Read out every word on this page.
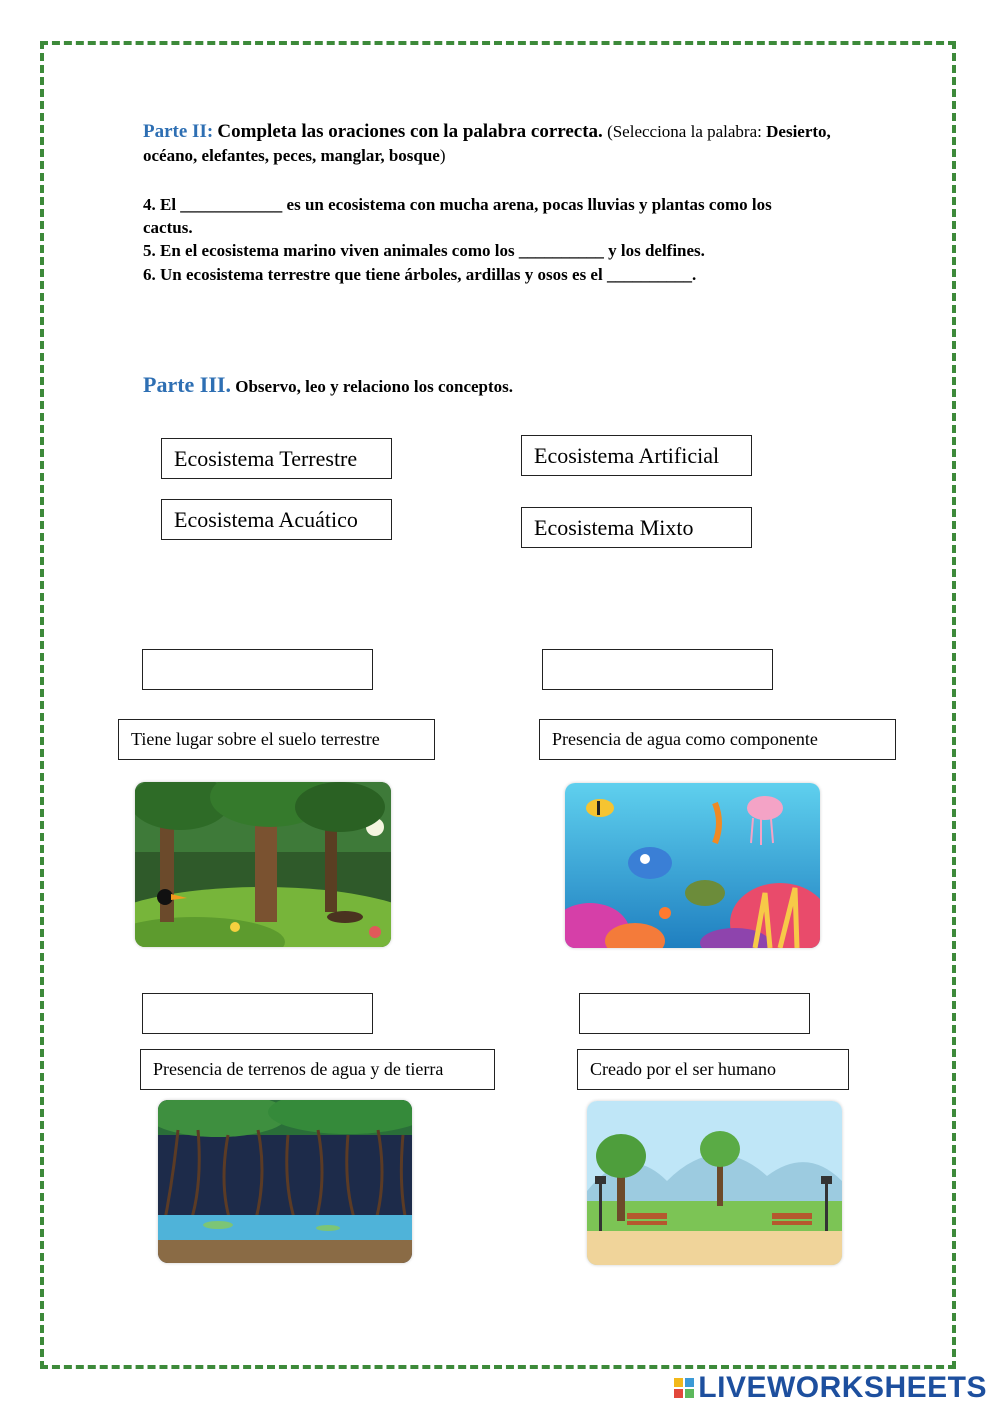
Parte II: Completa las oraciones con la palabra correcta. (Selecciona la palabra: Desierto, océano, elefantes, peces, manglar, bosque)
4. El ____________ es un ecosistema con mucha arena, pocas lluvias y plantas como los cactus.
5. En el ecosistema marino viven animales como los __________ y los delfines.
6. Un ecosistema terrestre que tiene árboles, ardillas y osos es el __________.
Parte III. Observo, leo y relaciono los conceptos.
Ecosistema Terrestre	Ecosistema Artificial
Ecosistema Acuático	Ecosistema Mixto
Tiene lugar sobre el suelo terrestre	Presencia de agua como componente
Presencia de terrenos de agua y de tierra	Creado por el ser humano
LIVEWORKSHEETS
